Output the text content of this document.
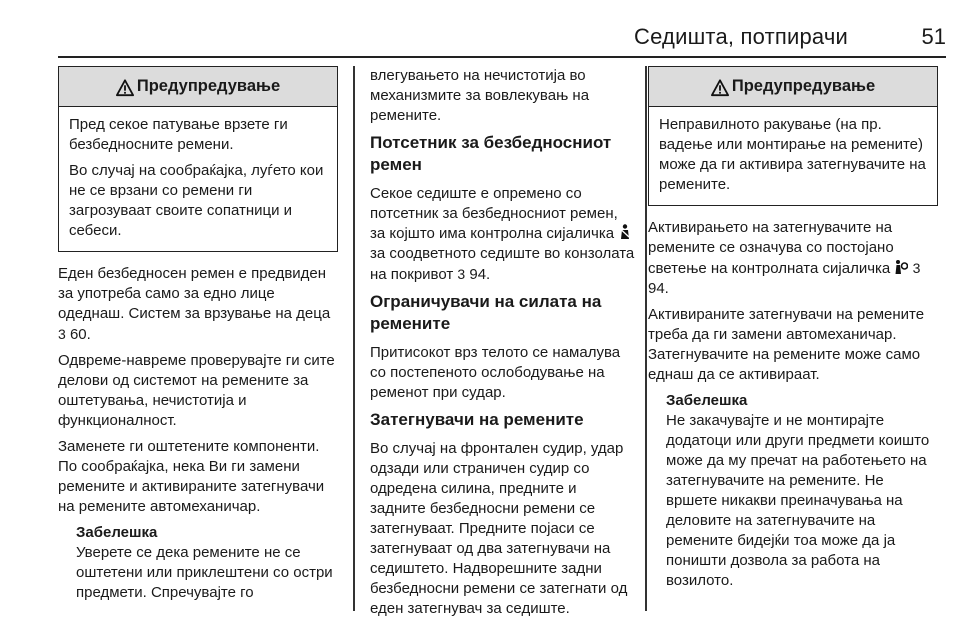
Седишта, потпирачи	51
Предупредување

Пред секое патување врзете ги безбедносните ремени.

Во случај на сообраќајка, луѓето кои не се врзани со ремени ги загрозуваат своите сопатници и себеси.

Еден безбедносен ремен е предвиден за употреба само за едно лице одеднаш. Систем за врзување на деца 3 60.

Одвреме-навреме проверувајте ги сите делови од системот на ремените за оштетувања, нечистотија и функционалност.

Заменете ги оштетените компоненти. По сообраќајка, нека Ви ги замени ремените и активираните затегнувачи на ремените автомеханичар.

Забелешка

Уверете се дека ремените не се оштетени или приклештени со остри предмети. Спречувајте го

влегувањето на нечистотија во механизмите за вовлекувањ на ремените.

Потсетник за безбедносниот ремен

Секое седиште е опремено со потсетник за безбедносниот ремен, за којшто има контролна сијаличка  за соодветното седиште во конзолата на покривот 3 94.

Ограничувачи на силата на ремените

Притисокот врз телото се намалува со постепеното ослободување на ременот при судар.

Затегнувачи на ремените

Во случај на фронтален судир, удар одзади или страничен судир со одредена силина, предните и задните безбедносни ремени се затегнуваат. Предните појаси се затегнуваат од два затегнувачи на седиштето. Надворешните задни безбедносни ремени се затегнати од еден затегнувач за седиште.

Предупредување

Неправилното ракување (на пр. вадење или монтирање на ремените) може да ги активира затегнувачите на ремените.

Активирањето на затегнувачите на ремените се означува со постојано светење на контролната сијаличка  3 94.

Активираните затегнувачи на ремените треба да ги замени автомеханичар. Затегнувачите на ремените може само еднаш да се активираат.

Забелешка

Не закачувајте и не монтирајте додатоци или други предмети коишто може да му пречат на работењето на затегнувачите на ремените. Не вршете никакви преиначувања на деловите на затегнувачите на ремените бидејќи тоа може да ја поништи дозвола за работа на возилото.
